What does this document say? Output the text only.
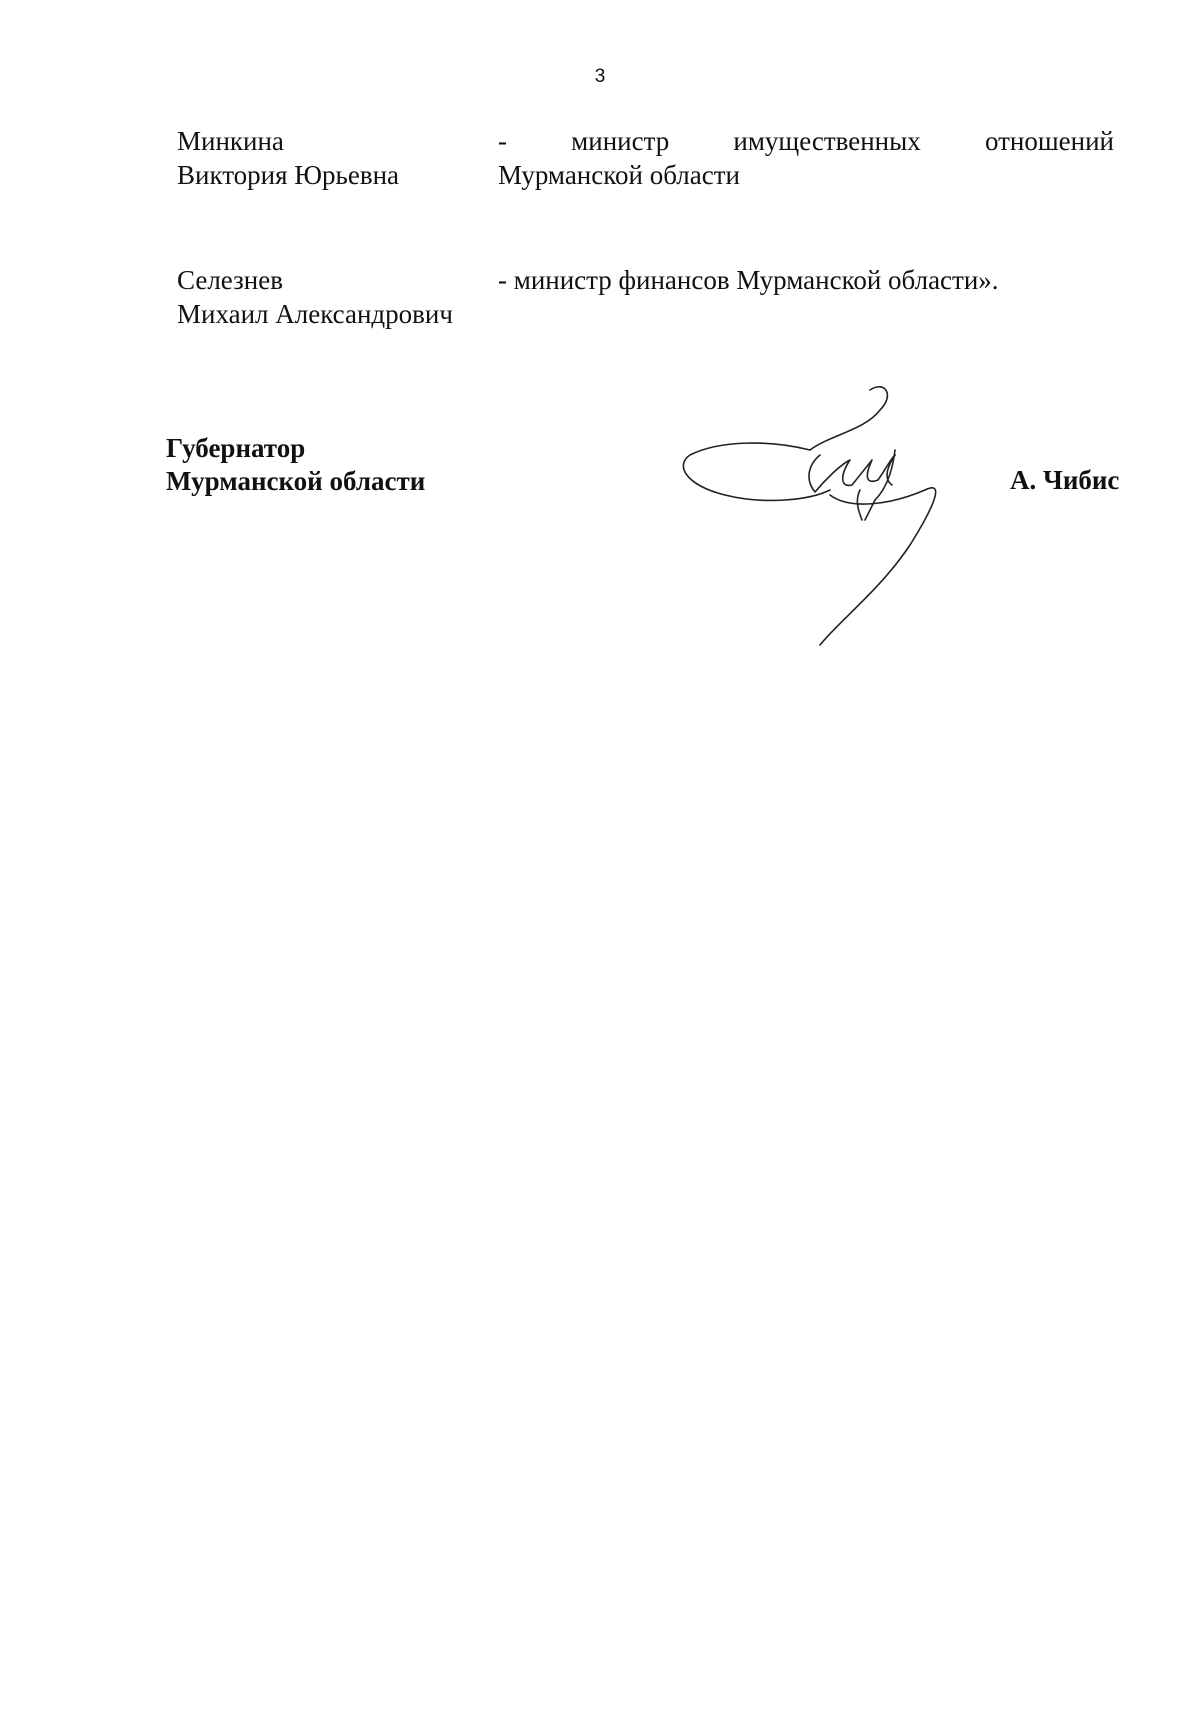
3
Минкина
Виктория Юрьевна
- министр имущественных отношений
Мурманской области
Селезнев
Михаил Александрович
- министр финансов Мурманской области».
Губернатор
Мурманской области	А. Чибис
